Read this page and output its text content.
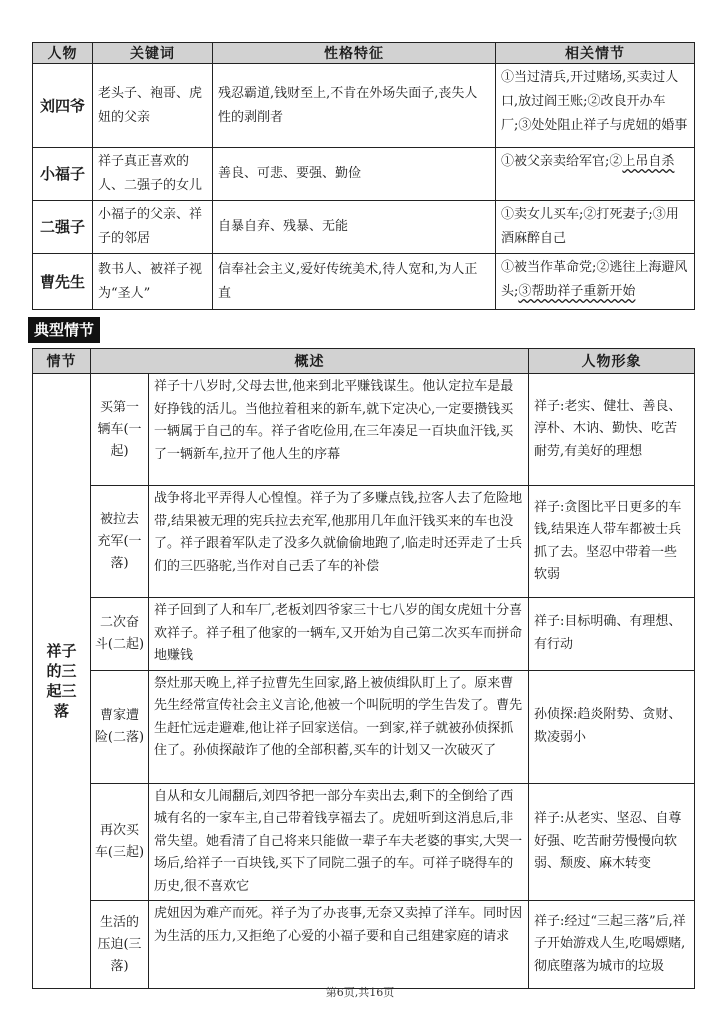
人物	关键词	性格特征	相关情节
刘四爷	老头子、袍哥、虎妞的父亲	残忍霸道,钱财至上,不肯在外场失面子,丧失人性的剥削者	①当过清兵,开过赌场,买卖过人口,放过阎王账;②改良开办车厂;③处处阻止祥子与虎妞的婚事
小福子	祥子真正喜欢的人、二强子的女儿	善良、可悲、要强、勤俭	①被父亲卖给军官;②上吊自杀
二强子	小福子的父亲、祥子的邻居	自暴自弃、残暴、无能	①卖女儿买车;②打死妻子;③用酒麻醉自己
曹先生	教书人、被祥子视为“圣人”	信奉社会主义,爱好传统美术,待人宽和,为人正直	①被当作革命党;②逃往上海避风头;③帮助祥子重新开始
典型情节
情节	概述		人物形象
祥子的三起三落	买第一辆车(一起)	祥子十八岁时,父母去世,他来到北平赚钱谋生。他认定拉车是最好挣钱的活儿。当他拉着租来的新车,就下定决心,一定要攒钱买一辆属于自己的车。祥子省吃俭用,在三年凑足一百块血汗钱,买了一辆新车,拉开了他人生的序幕	祥子:老实、健壮、善良、淳朴、木讷、勤快、吃苦耐劳,有美好的理想
	被拉去充军(一落)	战争将北平弄得人心惶惶。祥子为了多赚点钱,拉客人去了危险地带,结果被无理的宪兵拉去充军,他那用几年血汗钱买来的车也没了。祥子跟着军队走了没多久就偷偷地跑了,临走时还弄走了士兵们的三匹骆驼,当作对自己丢了车的补偿	祥子:贪图比平日更多的车钱,结果连人带车都被士兵抓了去。坚忍中带着一些软弱
	二次奋斗(二起)	祥子回到了人和车厂,老板刘四爷家三十七八岁的闺女虎妞十分喜欢祥子。祥子租了他家的一辆车,又开始为自己第二次买车而拼命地赚钱	祥子:目标明确、有理想、有行动
	曹家遭险(二落)	祭灶那天晚上,祥子拉曹先生回家,路上被侦缉队盯上了。原来曹先生经常宣传社会主义言论,他被一个叫阮明的学生告发了。曹先生赶忙远走避难,他让祥子回家送信。一到家,祥子就被孙侦探抓住了。孙侦探敲诈了他的全部积蓄,买车的计划又一次破灭了	孙侦探:趋炎附势、贪财、欺凌弱小
	再次买车(三起)	自从和女儿闹翻后,刘四爷把一部分车卖出去,剩下的全倒给了西城有名的一家车主,自己带着钱享福去了。虎妞听到这消息后,非常失望。她看清了自己将来只能做一辈子车夫老婆的事实,大哭一场后,给祥子一百块钱,买下了同院二强子的车。可祥子晓得车的历史,很不喜欢它	祥子:从老实、坚忍、自尊好强、吃苦耐劳慢慢向软弱、颓废、麻木转变
	生活的压迫(三落)	虎妞因为难产而死。祥子为了办丧事,无奈又卖掉了洋车。同时因为生活的压力,又拒绝了心爱的小福子要和自己组建家庭的请求	祥子:经过“三起三落”后,祥子开始游戏人生,吃喝嫖赌,彻底堕落为城市的垃圾
第6页,共16页
